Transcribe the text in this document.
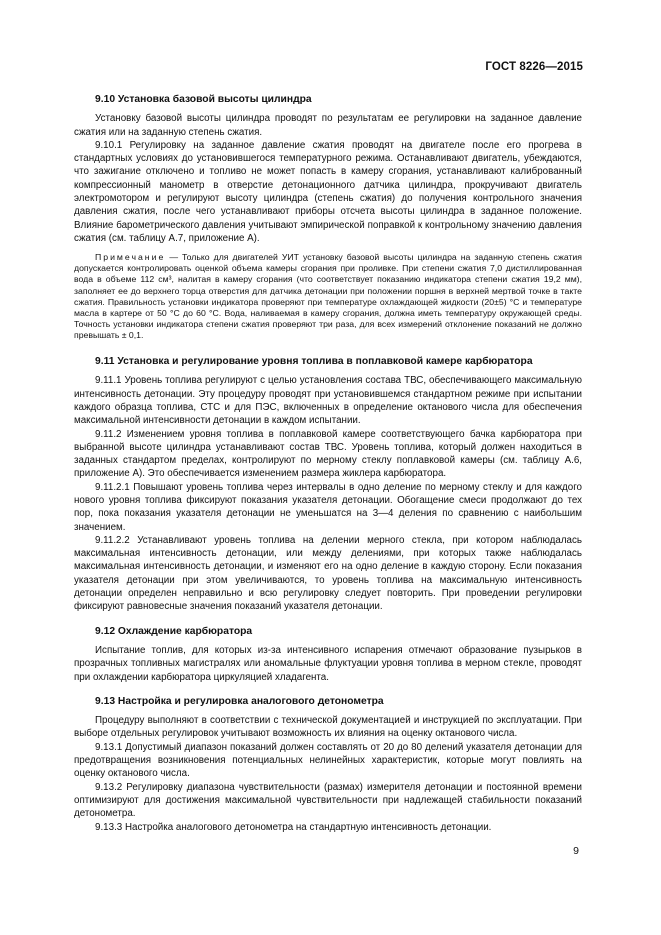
ГОСТ 8226—2015
9.10 Установка базовой высоты цилиндра

Установку базовой высоты цилиндра проводят по результатам ее регулировки на заданное давление сжатия или на заданную степень сжатия.

9.10.1 Регулировку на заданное давление сжатия проводят на двигателе после его прогрева в стандартных условиях до установившегося температурного режима. Останавливают двигатель, убеждаются, что зажигание отключено и топливо не может попасть в камеру сгорания, устанавливают калиброванный компрессионный манометр в отверстие детонационного датчика цилиндра, прокручивают двигатель электромотором и регулируют высоту цилиндра (степень сжатия) до получения контрольного значения давления сжатия, после чего устанавливают приборы отсчета высоты цилиндра в заданное положение. Влияние барометрического давления учитывают эмпирической поправкой к контрольному значению давления сжатия (см. таблицу А.7, приложение А).

Примечание — Только для двигателей УИТ установку базовой высоты цилиндра на заданную степень сжатия допускается контролировать оценкой объема камеры сгорания при проливке. При степени сжатия 7,0 дистиллированная вода в объеме 112 см³, налитая в камеру сгорания (что соответствует показанию индикатора степени сжатия 19,2 мм), заполняет ее до верхнего торца отверстия для датчика детонации при положении поршня в верхней мертвой точке в такте сжатия. Правильность установки индикатора проверяют при температуре охлаждающей жидкости (20±5) °С и температуре масла в картере от 50 °С до 60 °С. Вода, наливаемая в камеру сгорания, должна иметь температуру окружающей среды. Точность установки индикатора степени сжатия проверяют три раза, для всех измерений отклонение показаний не должно превышать ± 0,1.

9.11 Установка и регулирование уровня топлива в поплавковой камере карбюратора

9.11.1 Уровень топлива регулируют с целью установления состава ТВС, обеспечивающего максимальную интенсивность детонации. Эту процедуру проводят при установившемся стандартном режиме при испытании каждого образца топлива, СТС и для ПЭС, включенных в определение октанового числа для обеспечения максимальной интенсивности детонации в каждом испытании.

9.11.2 Изменением уровня топлива в поплавковой камере соответствующего бачка карбюратора при выбранной высоте цилиндра устанавливают состав ТВС. Уровень топлива, который должен находиться в заданных стандартом пределах, контролируют по мерному стеклу поплавковой камеры (см. таблицу А.6, приложение А). Это обеспечивается изменением размера жиклера карбюратора.

9.11.2.1 Повышают уровень топлива через интервалы в одно деление по мерному стеклу и для каждого нового уровня топлива фиксируют показания указателя детонации. Обогащение смеси продолжают до тех пор, пока показания указателя детонации не уменьшатся на 3—4 деления по сравнению с наибольшим значением.

9.11.2.2 Устанавливают уровень топлива на делении мерного стекла, при котором наблюдалась максимальная интенсивность детонации, или между делениями, при которых также наблюдалась максимальная интенсивность детонации, и изменяют его на одно деление в каждую сторону. Если показания указателя детонации при этом увеличиваются, то уровень топлива на максимальную интенсивность детонации определен неправильно и всю регулировку следует повторить. При проведении регулировки фиксируют равновесные значения показаний указателя детонации.

9.12 Охлаждение карбюратора

Испытание топлив, для которых из-за интенсивного испарения отмечают образование пузырьков в прозрачных топливных магистралях или аномальные флуктуации уровня топлива в мерном стекле, проводят при охлаждении карбюратора циркуляцией хладагента.

9.13 Настройка и регулировка аналогового детонометра

Процедуру выполняют в соответствии с технической документацией и инструкцией по эксплуатации. При выборе отдельных регулировок учитывают возможность их влияния на оценку октанового числа.

9.13.1 Допустимый диапазон показаний должен составлять от 20 до 80 делений указателя детонации для предотвращения возникновения потенциальных нелинейных характеристик, которые могут повлиять на оценку октанового числа.

9.13.2 Регулировку диапазона чувствительности (размах) измерителя детонации и постоянной времени оптимизируют для достижения максимальной чувствительности при надлежащей стабильности показаний детонометра.

9.13.3 Настройка аналогового детонометра на стандартную интенсивность детонации.

9
